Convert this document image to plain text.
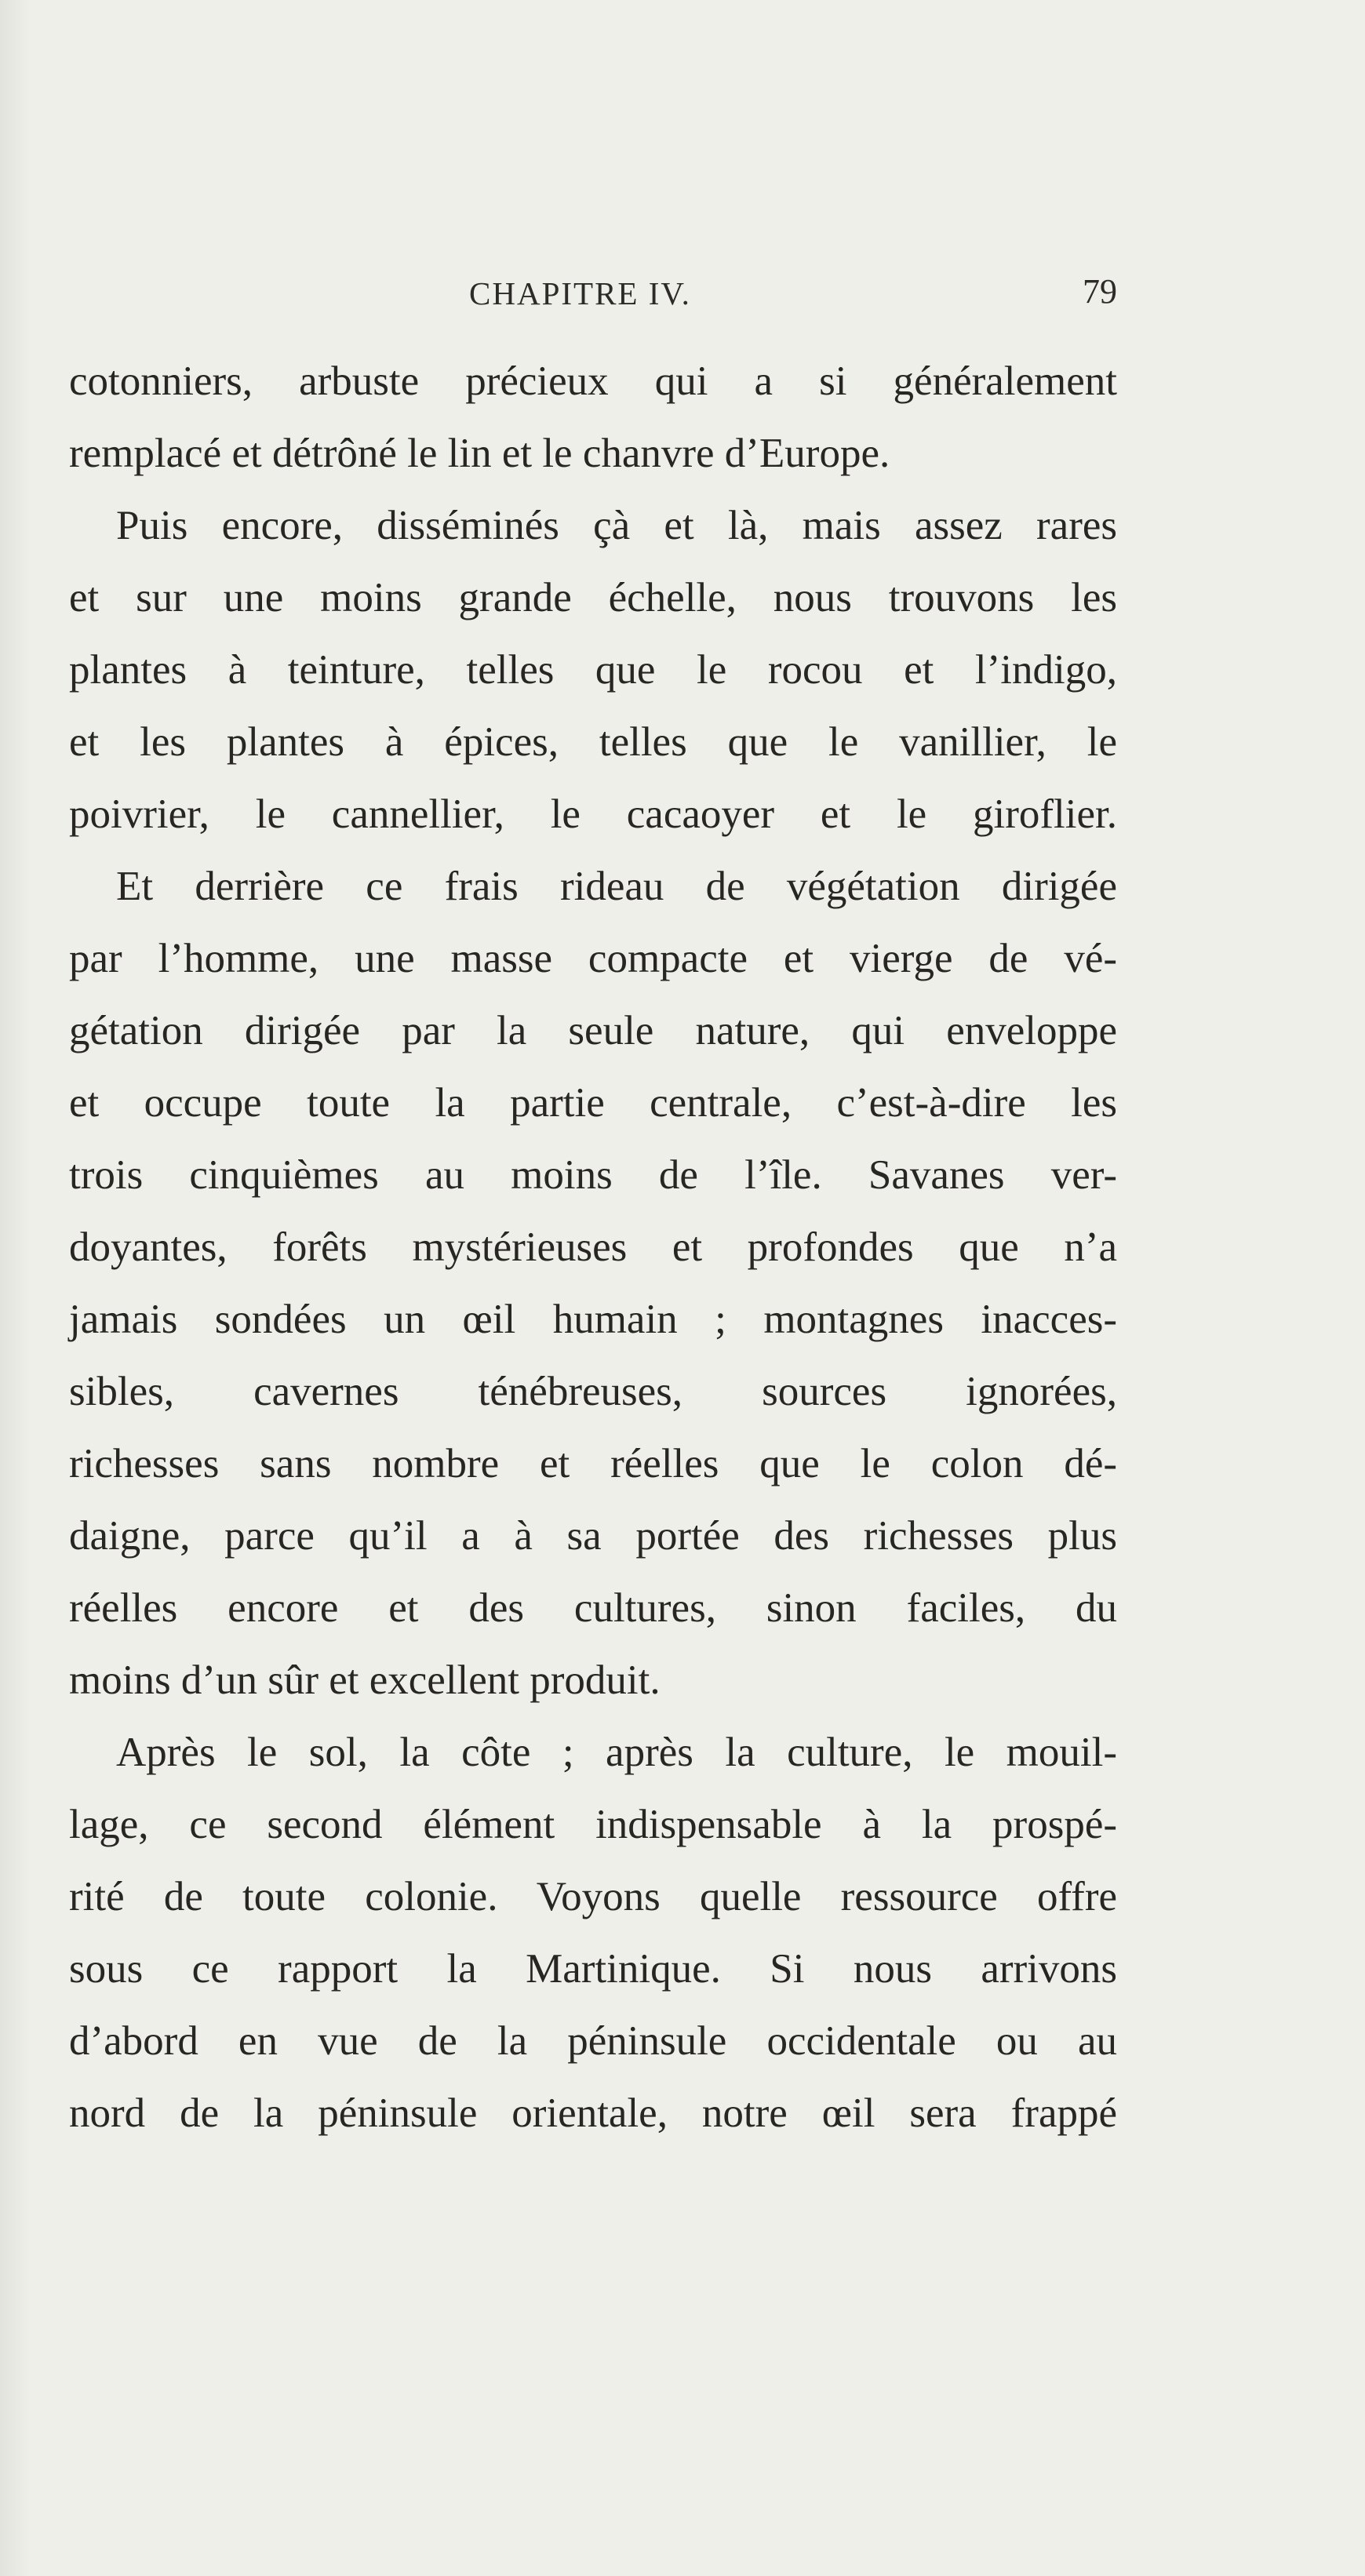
CHAPITRE IV.	79
cotonniers, arbuste précieux qui a si généralement
remplacé et détrôné le lin et le chanvre d’Europe.
Puis encore, disséminés çà et là, mais assez rares
et sur une moins grande échelle, nous trouvons les
plantes à teinture, telles que le rocou et l’indigo,
et les plantes à épices, telles que le vanillier, le
poivrier, le cannellier, le cacaoyer et le giroflier.
Et derrière ce frais rideau de végétation dirigée
par l’homme, une masse compacte et vierge de vé-
gétation dirigée par la seule nature, qui enveloppe
et occupe toute la partie centrale, c’est-à-dire les
trois cinquièmes au moins de l’île. Savanes ver-
doyantes, forêts mystérieuses et profondes que n’a
jamais sondées un œil humain ; montagnes inacces-
sibles, cavernes ténébreuses, sources ignorées,
richesses sans nombre et réelles que le colon dé-
daigne, parce qu’il a à sa portée des richesses plus
réelles encore et des cultures, sinon faciles, du
moins d’un sûr et excellent produit.
Après le sol, la côte ; après la culture, le mouil-
lage, ce second élément indispensable à la prospé-
rité de toute colonie. Voyons quelle ressource offre
sous ce rapport la Martinique. Si nous arrivons
d’abord en vue de la péninsule occidentale ou au
nord de la péninsule orientale, notre œil sera frappé
